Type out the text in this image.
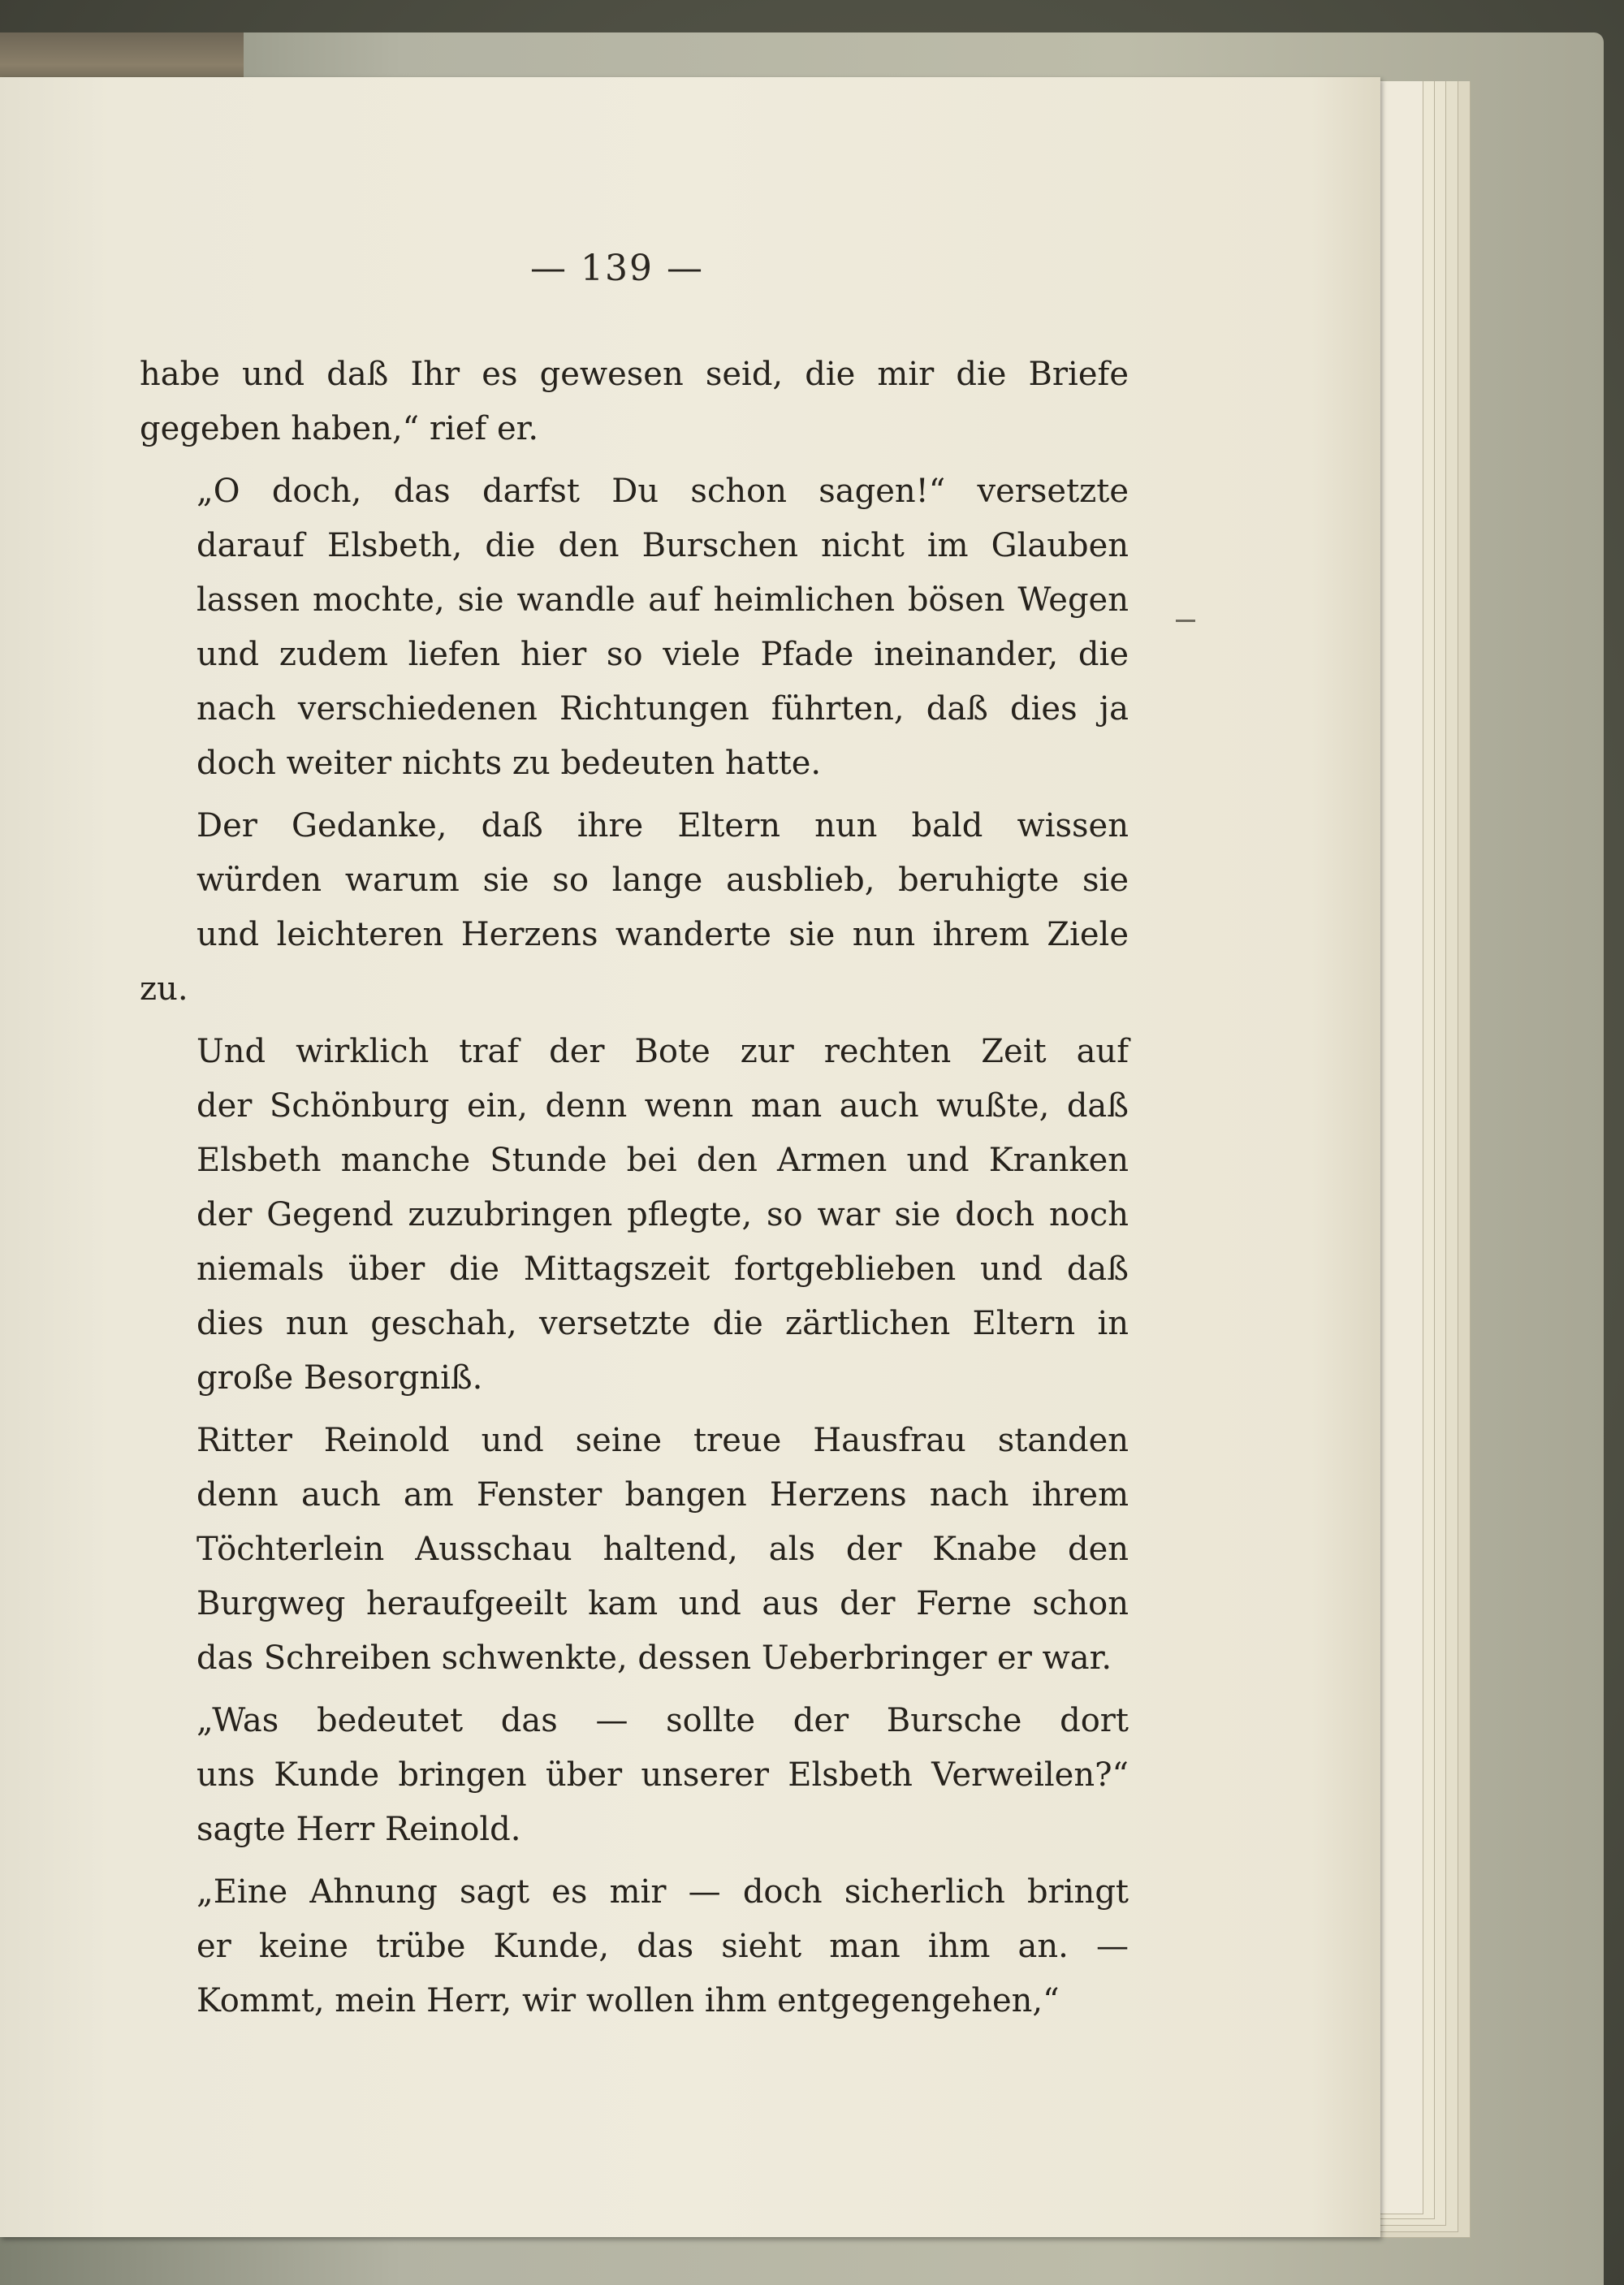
— 139 —
habe und daß Ihr es gewesen seid, die mir die Briefe
gegeben haben,“ rief er.
„O doch, das darfst Du schon sagen!“ versetzte
darauf Elsbeth, die den Burschen nicht im Glauben
lassen mochte, sie wandle auf heimlichen bösen Wegen
und zudem liefen hier so viele Pfade ineinander, die
nach verschiedenen Richtungen führten, daß dies ja
doch weiter nichts zu bedeuten hatte.
Der Gedanke, daß ihre Eltern nun bald wissen
würden warum sie so lange ausblieb, beruhigte sie
und leichteren Herzens wanderte sie nun ihrem Ziele zu.
Und wirklich traf der Bote zur rechten Zeit auf
der Schönburg ein, denn wenn man auch wußte, daß
Elsbeth manche Stunde bei den Armen und Kranken
der Gegend zuzubringen pflegte, so war sie doch noch
niemals über die Mittagszeit fortgeblieben und daß
dies nun geschah, versetzte die zärtlichen Eltern in
große Besorgniß.
Ritter Reinold und seine treue Hausfrau standen
denn auch am Fenster bangen Herzens nach ihrem
Töchterlein Ausschau haltend, als der Knabe den
Burgweg heraufgeeilt kam und aus der Ferne schon
das Schreiben schwenkte, dessen Ueberbringer er war.
„Was bedeutet das — sollte der Bursche dort
uns Kunde bringen über unserer Elsbeth Verweilen?“
sagte Herr Reinold.
„Eine Ahnung sagt es mir — doch sicherlich bringt
er keine trübe Kunde, das sieht man ihm an. —
Kommt, mein Herr, wir wollen ihm entgegengehen,“
